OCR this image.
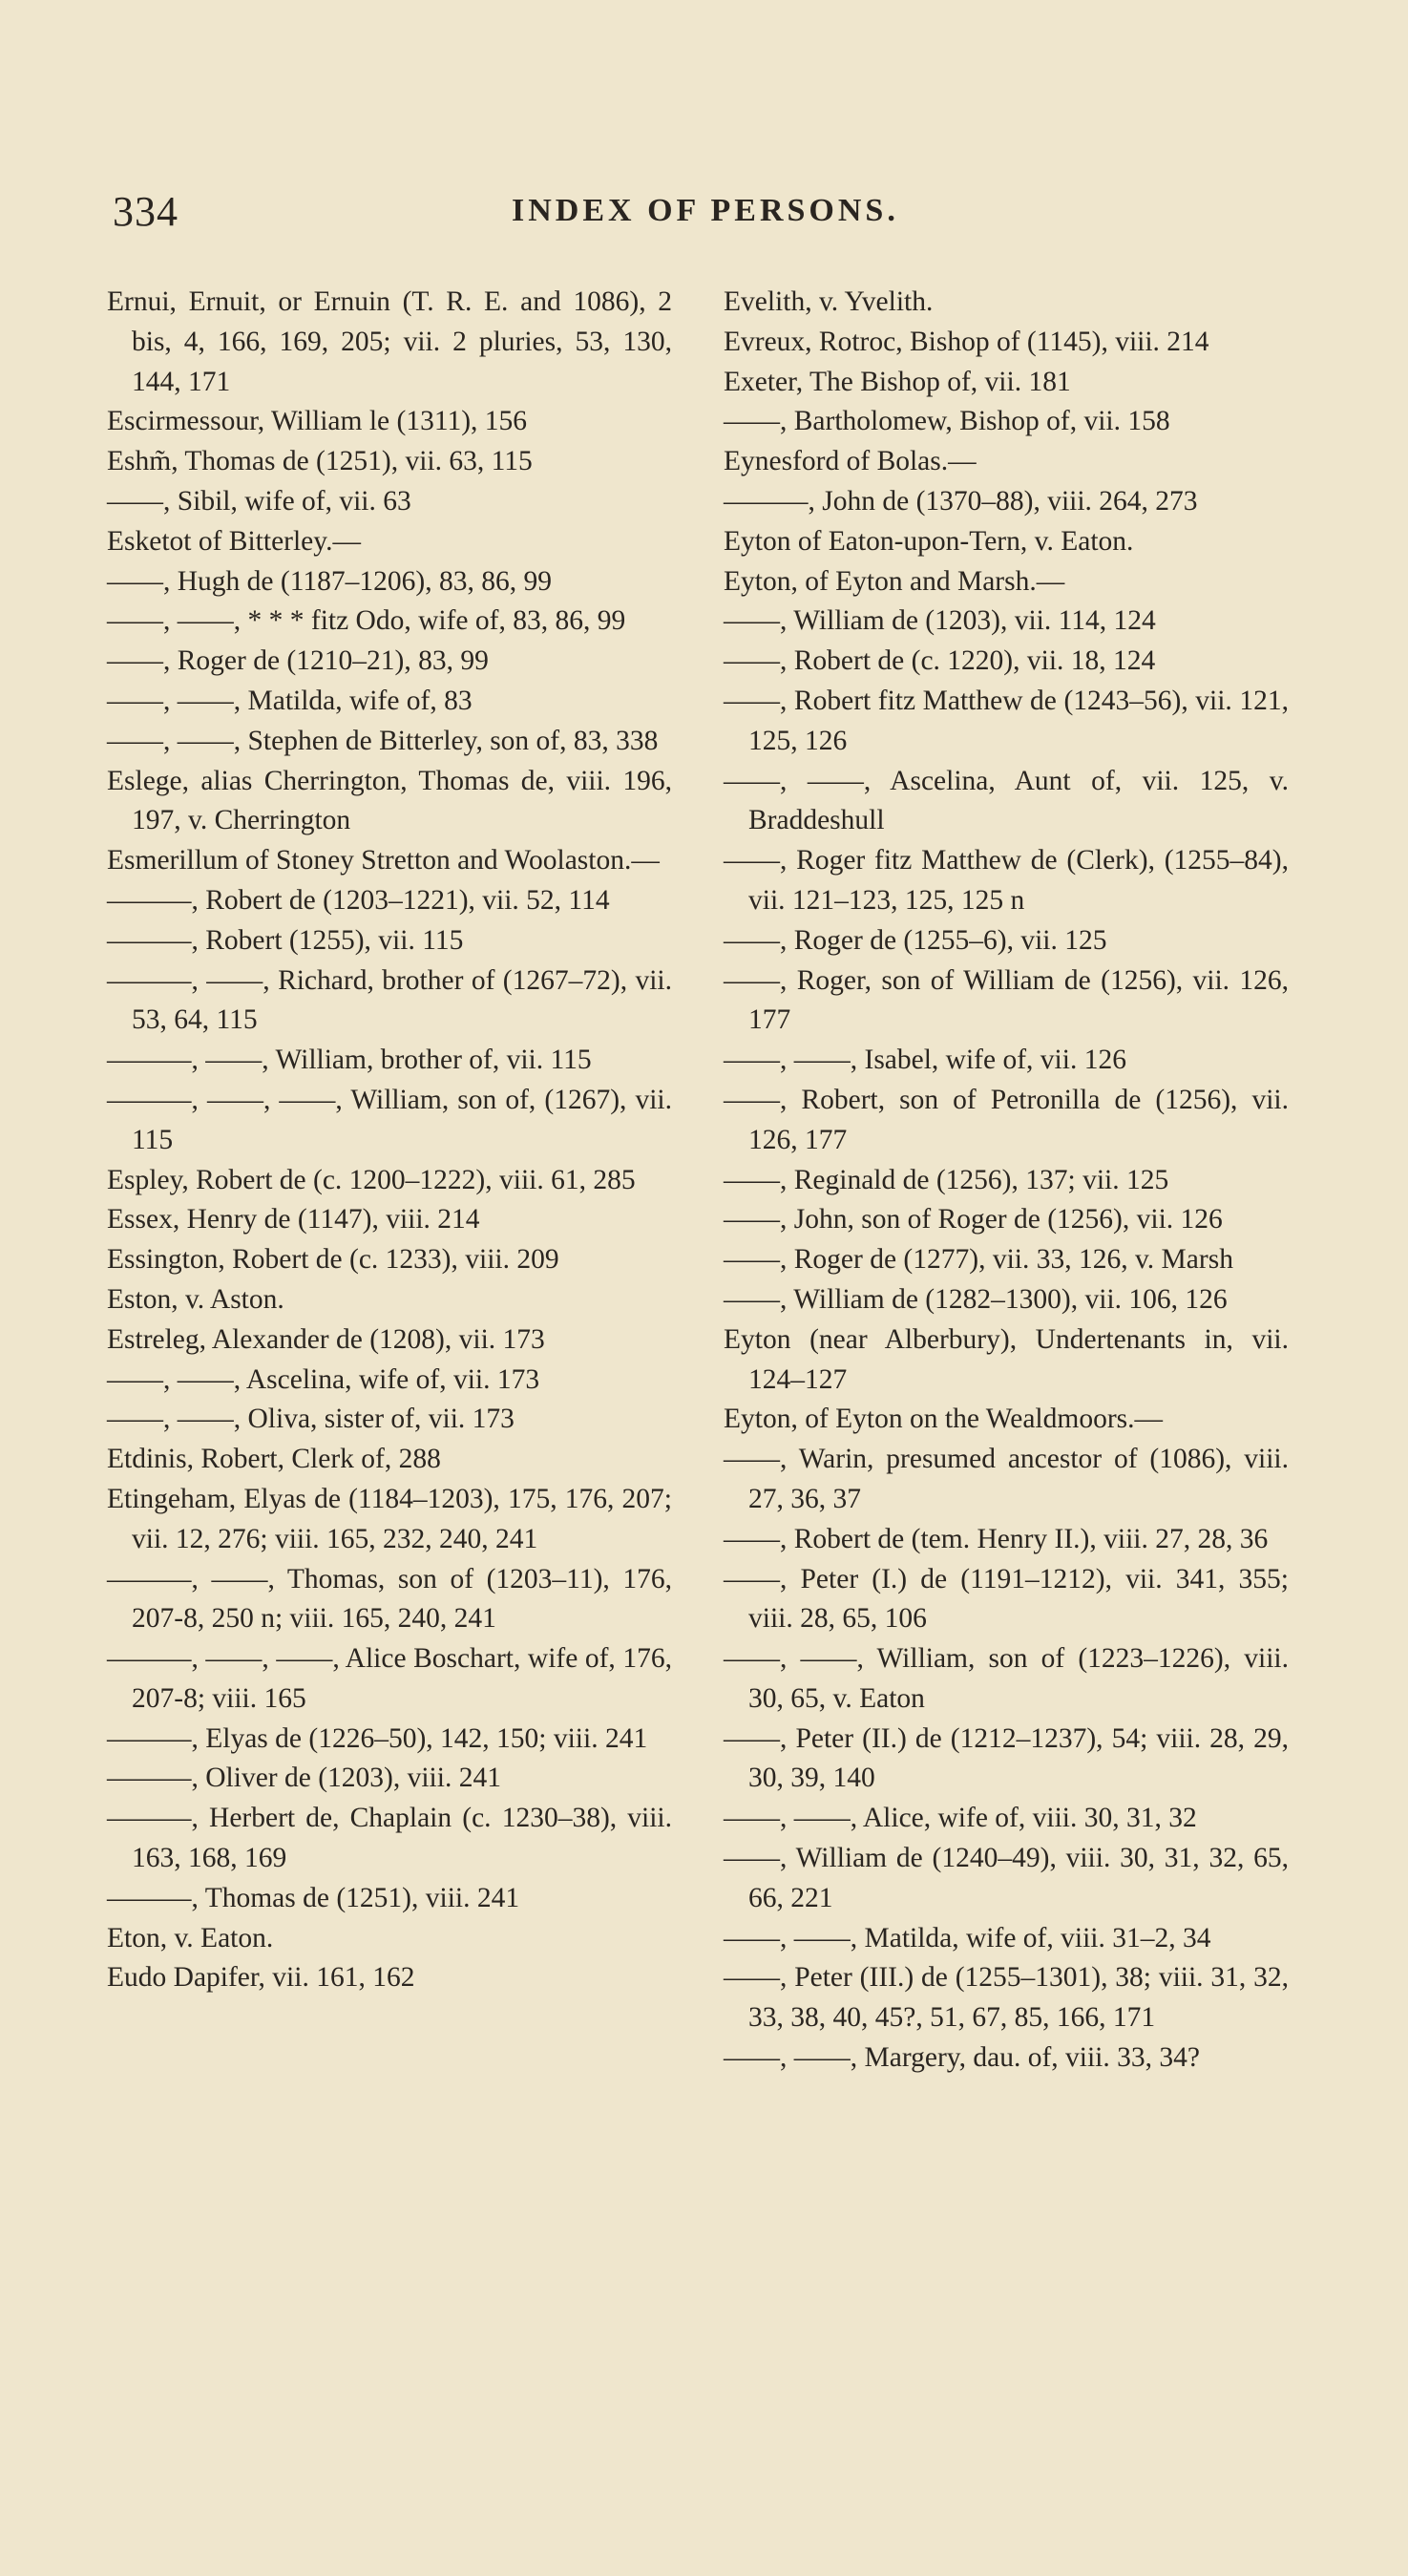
334	INDEX OF PERSONS.

Ernui, Ernuit, or Ernuin (T. R. E. and 1086), 2 bis, 4, 166, 169, 205; vii. 2 pluries, 53, 130, 144, 171

Escirmessour, William le (1311), 156

Eshm̃, Thomas de (1251), vii. 63, 115

——, Sibil, wife of, vii. 63

Esketot of Bitterley.—

——, Hugh de (1187–1206), 83, 86, 99

——, ——, * * * fitz Odo, wife of, 83, 86, 99

——, Roger de (1210–21), 83, 99

——, ——, Matilda, wife of, 83

——, ——, Stephen de Bitterley, son of, 83, 338

Eslege, alias Cherrington, Thomas de, viii. 196, 197, v. Cherrington

Esmerillum of Stoney Stretton and Woolaston.—

———, Robert de (1203–1221), vii. 52, 114

———, Robert (1255), vii. 115

———, ——, Richard, brother of (1267–72), vii. 53, 64, 115

———, ——, William, brother of, vii. 115

———, ——, ——, William, son of, (1267), vii. 115

Espley, Robert de (c. 1200–1222), viii. 61, 285

Essex, Henry de (1147), viii. 214

Essington, Robert de (c. 1233), viii. 209

Eston, v. Aston.

Estreleg, Alexander de (1208), vii. 173

——, ——, Ascelina, wife of, vii. 173

——, ——, Oliva, sister of, vii. 173

Etdinis, Robert, Clerk of, 288

Etingeham, Elyas de (1184–1203), 175, 176, 207; vii. 12, 276; viii. 165, 232, 240, 241

———, ——, Thomas, son of (1203–11), 176, 207-8, 250 n; viii. 165, 240, 241

———, ——, ——, Alice Boschart, wife of, 176, 207-8; viii. 165

———, Elyas de (1226–50), 142, 150; viii. 241

———, Oliver de (1203), viii. 241

———, Herbert de, Chaplain (c. 1230–38), viii. 163, 168, 169

———, Thomas de (1251), viii. 241

Eton, v. Eaton.

Eudo Dapifer, vii. 161, 162

Evelith, v. Yvelith.

Evreux, Rotroc, Bishop of (1145), viii. 214

Exeter, The Bishop of, vii. 181

——, Bartholomew, Bishop of, vii. 158

Eynesford of Bolas.—

———, John de (1370–88), viii. 264, 273

Eyton of Eaton-upon-Tern, v. Eaton.

Eyton, of Eyton and Marsh.—

——, William de (1203), vii. 114, 124

——, Robert de (c. 1220), vii. 18, 124

——, Robert fitz Matthew de (1243–56), vii. 121, 125, 126

——, ——, Ascelina, Aunt of, vii. 125, v. Braddeshull

——, Roger fitz Matthew de (Clerk), (1255–84), vii. 121–123, 125, 125 n

——, Roger de (1255–6), vii. 125

——, Roger, son of William de (1256), vii. 126, 177

——, ——, Isabel, wife of, vii. 126

——, Robert, son of Petronilla de (1256), vii. 126, 177

——, Reginald de (1256), 137; vii. 125

——, John, son of Roger de (1256), vii. 126

——, Roger de (1277), vii. 33, 126, v. Marsh

——, William de (1282–1300), vii. 106, 126

Eyton (near Alberbury), Undertenants in, vii. 124–127

Eyton, of Eyton on the Wealdmoors.—

——, Warin, presumed ancestor of (1086), viii. 27, 36, 37

——, Robert de (tem. Henry II.), viii. 27, 28, 36

——, Peter (I.) de (1191–1212), vii. 341, 355; viii. 28, 65, 106

——, ——, William, son of (1223–1226), viii. 30, 65, v. Eaton

——, Peter (II.) de (1212–1237), 54; viii. 28, 29, 30, 39, 140

——, ——, Alice, wife of, viii. 30, 31, 32

——, William de (1240–49), viii. 30, 31, 32, 65, 66, 221

——, ——, Matilda, wife of, viii. 31–2, 34

——, Peter (III.) de (1255–1301), 38; viii. 31, 32, 33, 38, 40, 45?, 51, 67, 85, 166, 171

——, ——, Margery, dau. of, viii. 33, 34?
